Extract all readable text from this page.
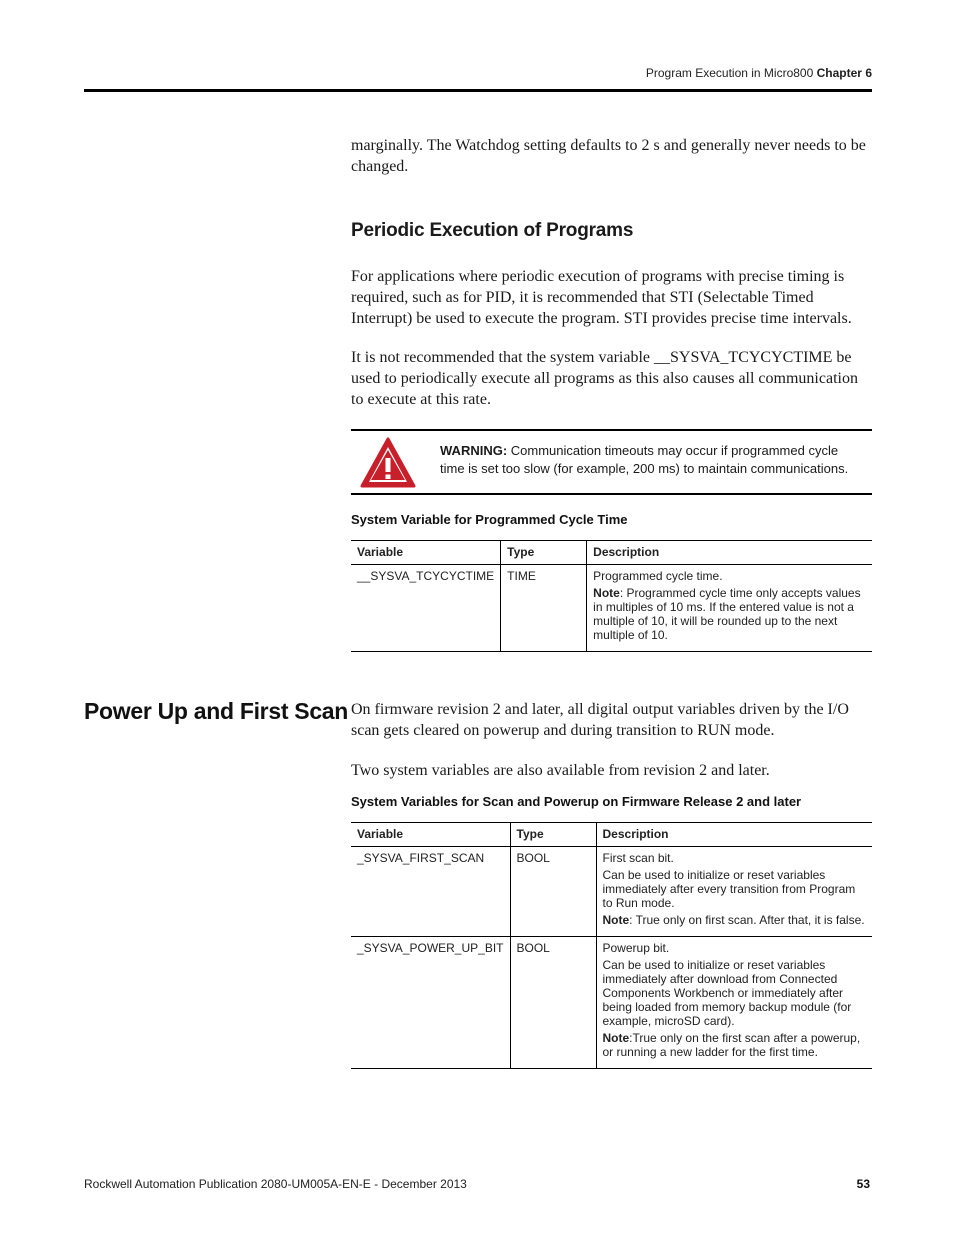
Program Execution in Micro800 Chapter 6
marginally. The Watchdog setting defaults to 2 s and generally never needs to be changed.
Periodic Execution of Programs
For applications where periodic execution of programs with precise timing is required, such as for PID, it is recommended that STI (Selectable Timed Interrupt) be used to execute the program. STI provides precise time intervals.
It is not recommended that the system variable __SYSVA_TCYCYCTIME be used to periodically execute all programs as this also causes all communication to execute at this rate.
WARNING: Communication timeouts may occur if programmed cycle time is set too slow (for example, 200 ms) to maintain communications.
System Variable for Programmed Cycle Time
Variable	Type	Description
__SYSVA_TCYCYCTIME	TIME	Programmed cycle time.

Note: Programmed cycle time only accepts values in multiples of 10 ms. If the entered value is not a multiple of 10, it will be rounded up to the next multiple of 10.

Power Up and First Scan On firmware revision 2 and later, all digital output variables driven by the I/O scan gets cleared on powerup and during transition to RUN mode.
Two system variables are also available from revision 2 and later.
System Variables for Scan and Powerup on Firmware Release 2 and later
Variable	Type	Description
_SYSVA_FIRST_SCAN	BOOL	First scan bit.

Can be used to initialize or reset variables immediately after every transition from Program to Run mode.

Note: True only on first scan. After that, it is false.

_SYSVA_POWER_UP_BIT	BOOL	Powerup bit.

Can be used to initialize or reset variables immediately after download from Connected Components Workbench or immediately after being loaded from memory backup module (for example, microSD card).

Note:True only on the first scan after a powerup, or running a new ladder for the first time.

Rockwell Automation Publication 2080-UM005A-EN-E - December 2013	53
